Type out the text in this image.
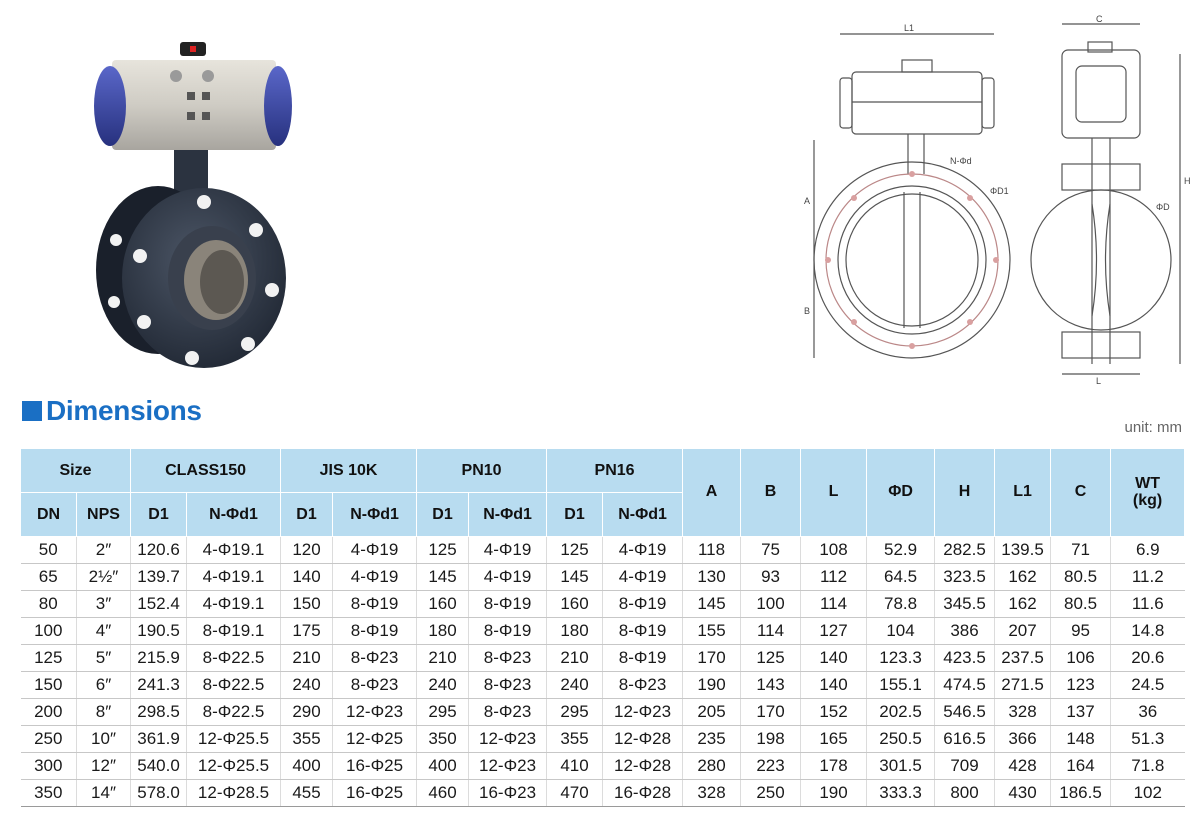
L1
C
A
B
H
L
N-Φd
ΦD1
ΦD
Dimensions
unit: mm
Size		CLASS150		JIS 10K		PN10		PN16		A	B	L	ΦD	H	L1	C	WT
(kg)
DN	NPS	D1	N-Φd1	D1	N-Φd1	D1	N-Φd1	D1	N-Φd1								
50	2″	120.6	4-Φ19.1	120	4-Φ19	125	4-Φ19	125	4-Φ19	118	75	108	52.9	282.5	139.5	71	6.9
65	2½″	139.7	4-Φ19.1	140	4-Φ19	145	4-Φ19	145	4-Φ19	130	93	112	64.5	323.5	162	80.5	11.2
80	3″	152.4	4-Φ19.1	150	8-Φ19	160	8-Φ19	160	8-Φ19	145	100	114	78.8	345.5	162	80.5	11.6
100	4″	190.5	8-Φ19.1	175	8-Φ19	180	8-Φ19	180	8-Φ19	155	114	127	104	386	207	95	14.8
125	5″	215.9	8-Φ22.5	210	8-Φ23	210	8-Φ23	210	8-Φ19	170	125	140	123.3	423.5	237.5	106	20.6
150	6″	241.3	8-Φ22.5	240	8-Φ23	240	8-Φ23	240	8-Φ23	190	143	140	155.1	474.5	271.5	123	24.5
200	8″	298.5	8-Φ22.5	290	12-Φ23	295	8-Φ23	295	12-Φ23	205	170	152	202.5	546.5	328	137	36
250	10″	361.9	12-Φ25.5	355	12-Φ25	350	12-Φ23	355	12-Φ28	235	198	165	250.5	616.5	366	148	51.3
300	12″	540.0	12-Φ25.5	400	16-Φ25	400	12-Φ23	410	12-Φ28	280	223	178	301.5	709	428	164	71.8
350	14″	578.0	12-Φ28.5	455	16-Φ25	460	16-Φ23	470	16-Φ28	328	250	190	333.3	800	430	186.5	102
